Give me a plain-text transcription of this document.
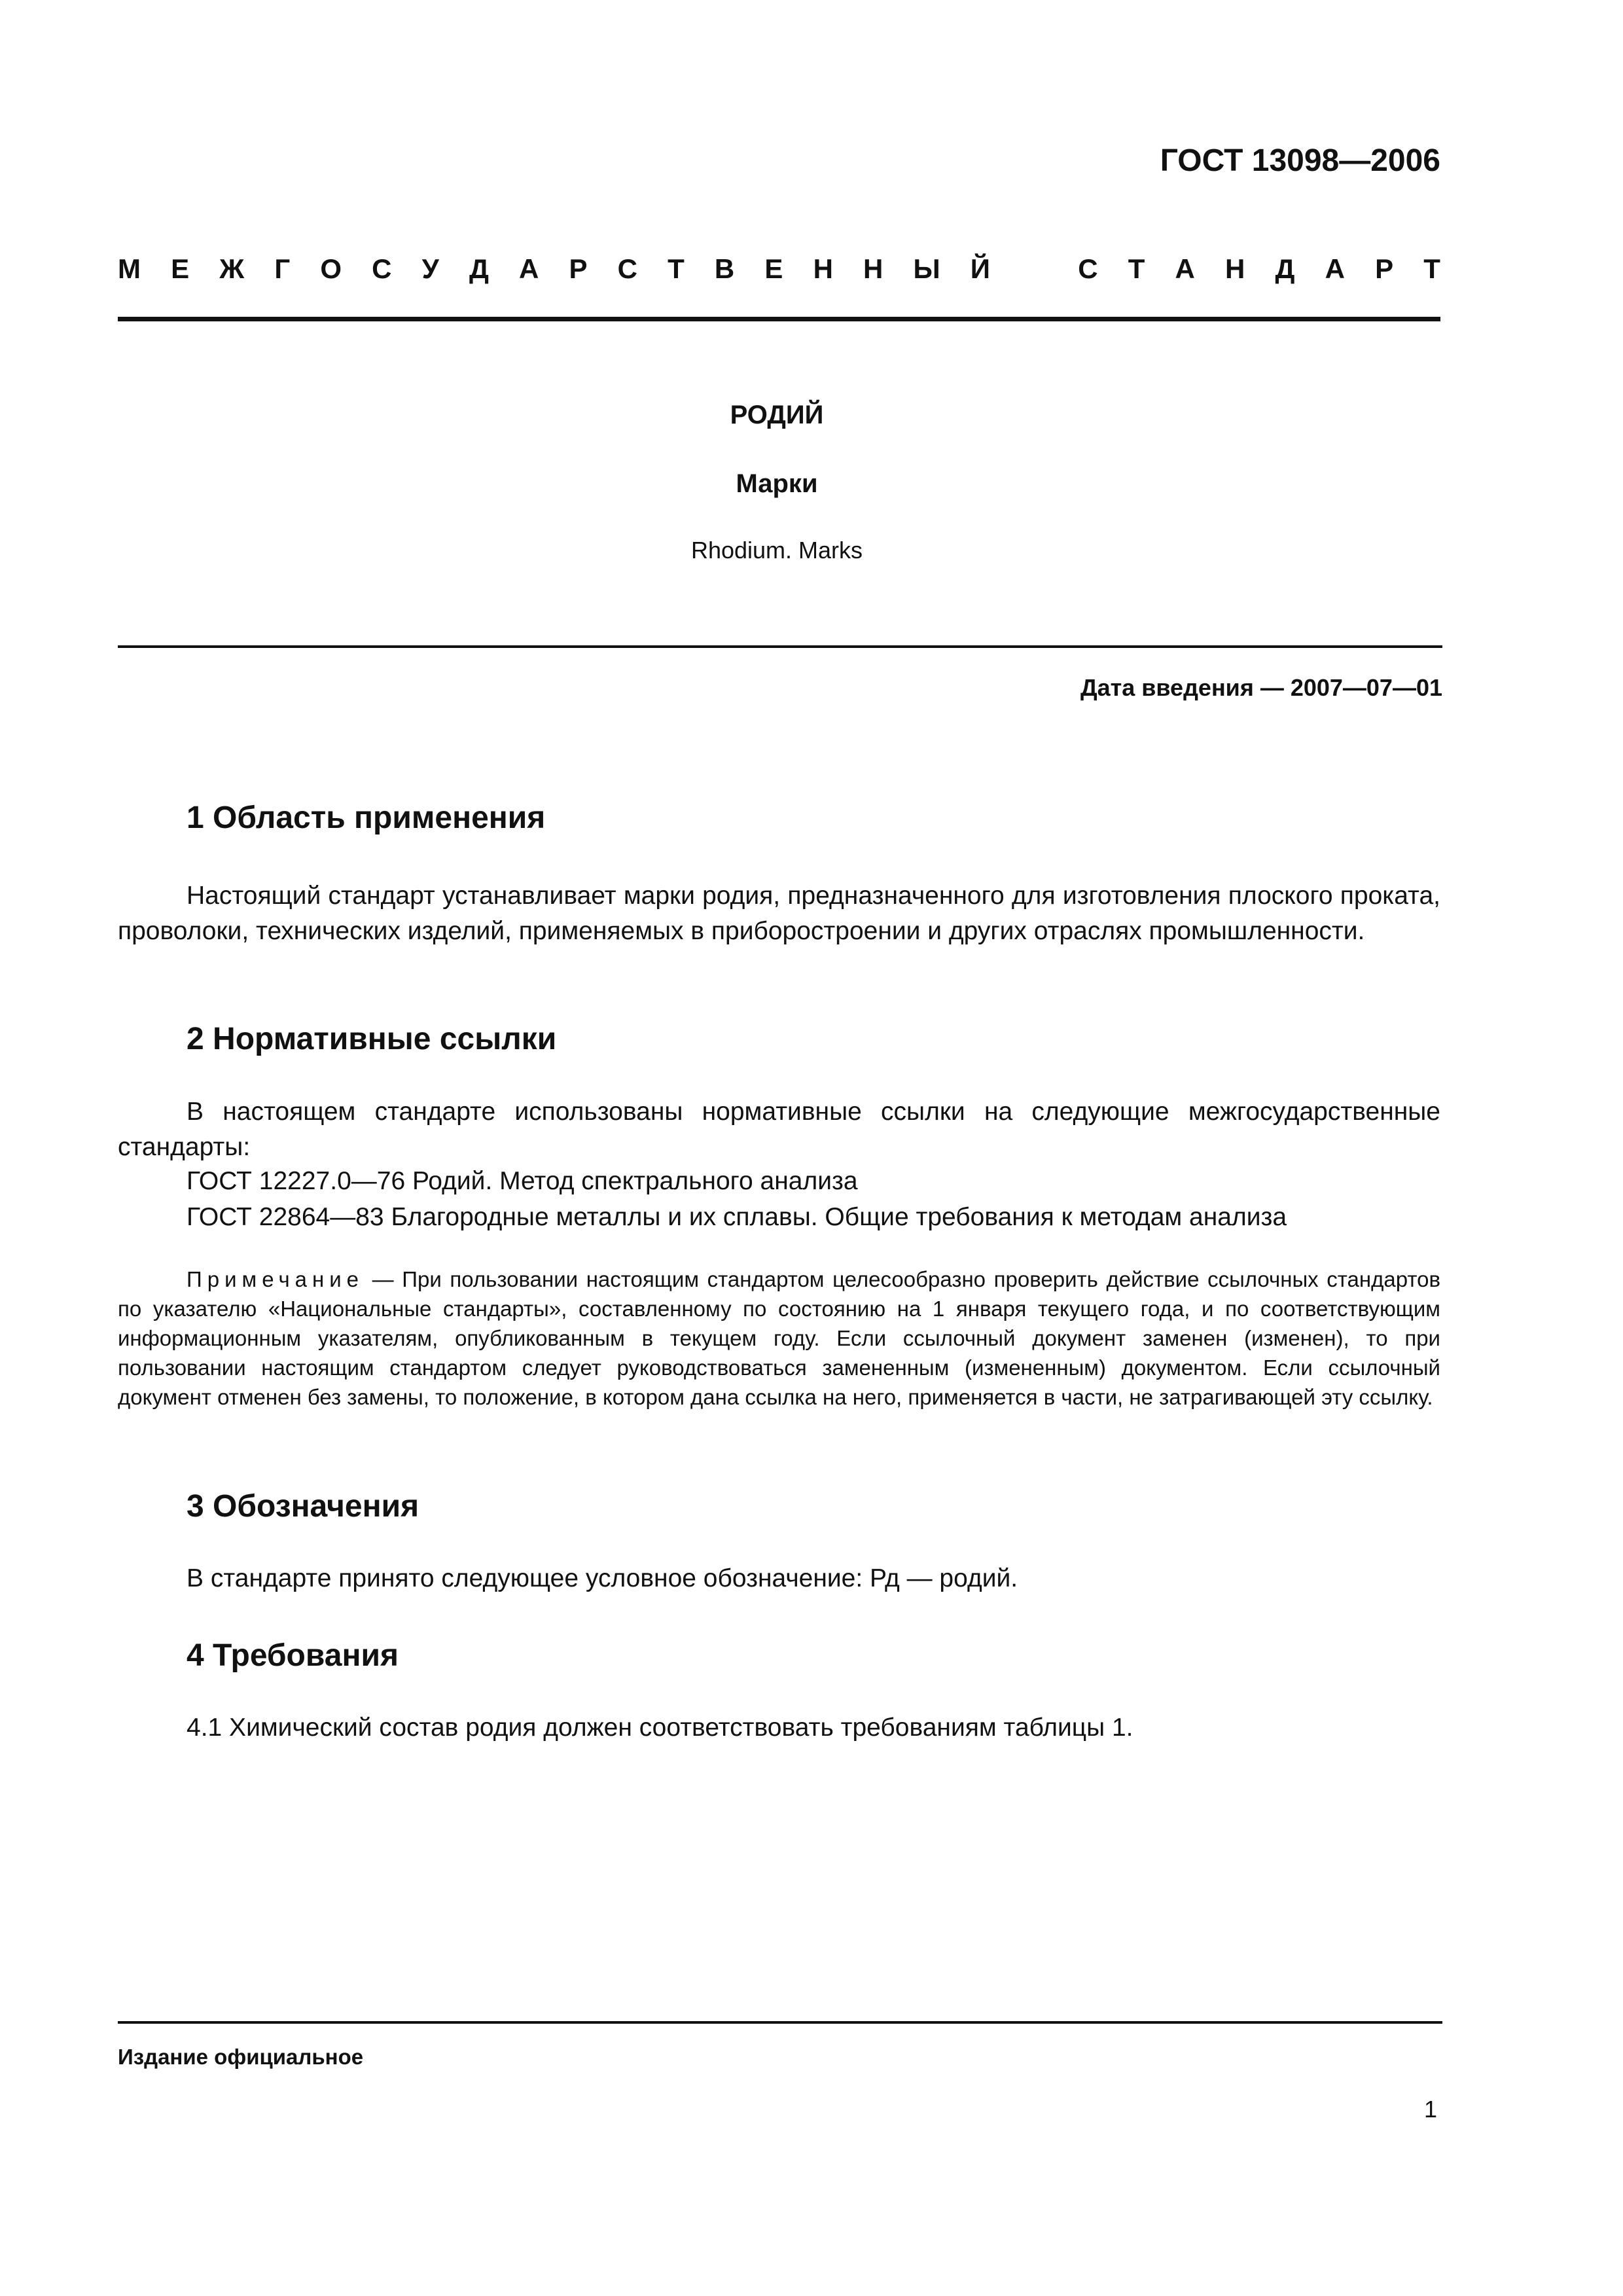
ГОСТ 13098—2006
М Е Ж Г О С У Д А Р С Т В Е Н Н Ы Й	С Т А Н Д А Р Т
РОДИЙ
Марки
Rhodium. Marks
Дата введения — 2007—07—01
1 Область применения

Настоящий стандарт устанавливает марки родия, предназначенного для изготовления плоского проката, проволоки, технических изделий, применяемых в приборостроении и других отраслях промышленности.

2 Нормативные ссылки

В настоящем стандарте использованы нормативные ссылки на следующие межгосударственные стандарты:

ГОСТ 12227.0—76 Родий. Метод спектрального анализа
ГОСТ 22864—83 Благородные металлы и их сплавы. Общие требования к методам анализа

Примечание — При пользовании настоящим стандартом целесообразно проверить действие ссылочных стандартов по указателю «Национальные стандарты», составленному по состоянию на 1 января текущего года, и по соответствующим информационным указателям, опубликованным в текущем году. Если ссылочный документ заменен (изменен), то при пользовании настоящим стандартом следует руководствоваться замененным (измененным) документом. Если ссылочный документ отменен без замены, то положение, в котором дана ссылка на него, применяется в части, не затрагивающей эту ссылку.

3 Обозначения
В стандарте принято следующее условное обозначение: Рд — родий.
4 Требования
4.1 Химический состав родия должен соответствовать требованиям таблицы 1.
Издание официальное
1
